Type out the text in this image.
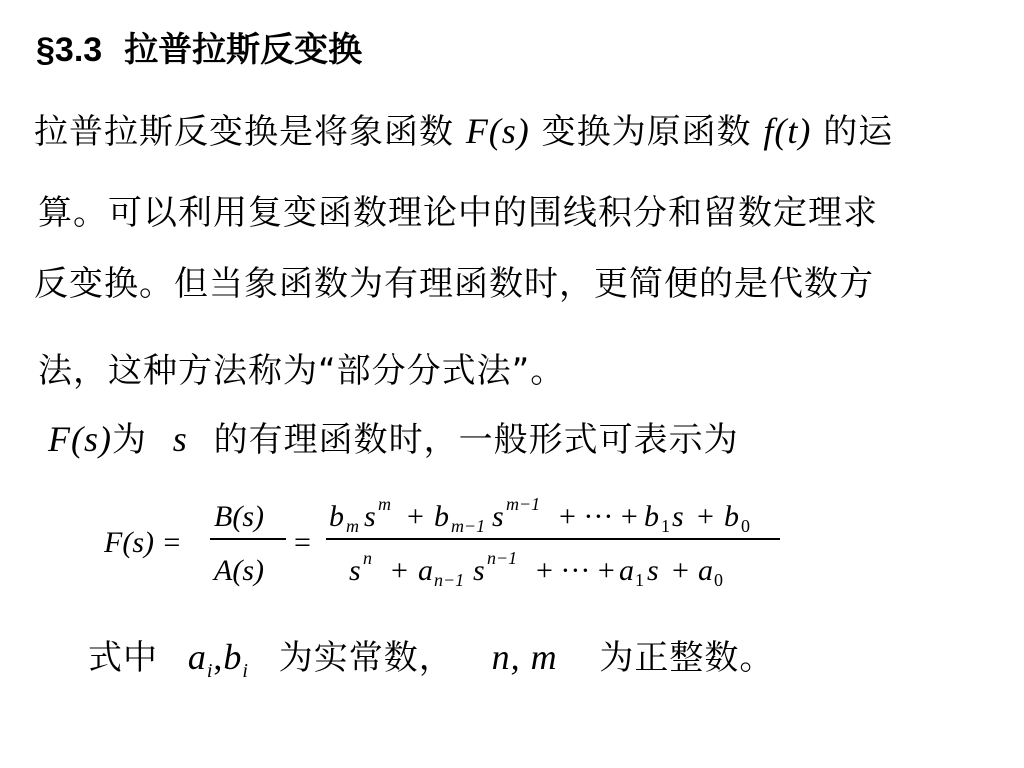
§3.3 拉普拉斯反变换
拉普拉斯反变换是将象函数 F(s) 变换为原函数 f(t) 的运
算。可以利用复变函数理论中的围线积分和留数定理求
反变换。但当象函数为有理函数时，更简便的是代数方
法，这种方法称为“部分分式法”。
F(s)为 s 的有理函数时，一般形式可表示为
F(s) =
B(s)
A(s)
=
b m s m + b m−1 s m−1 + ··· + b 1 s + b 0
s n + a n−1 s n−1 + ··· + a 1 s + a 0
式中 $a_i,b_i$ 为实常数， n, m 为正整数。
